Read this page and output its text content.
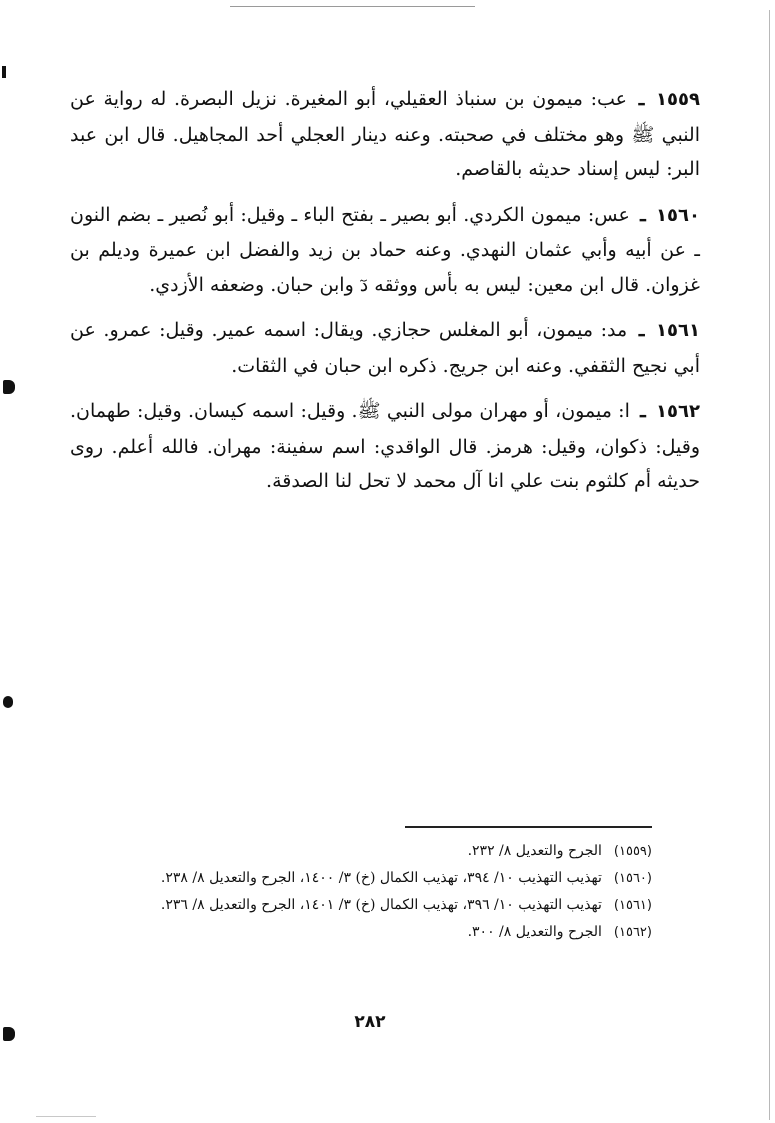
١٥٥٩ ـ عب: ميمون بن سنباذ العقيلي، أبو المغيرة. نزيل البصرة. له رواية عن النبي ﷺ وهو مختلف في صحبته. وعنه دينار العجلي أحد المجاهيل. قال ابن عبد البر: ليس إسناد حديثه بالقاصم.

١٥٦٠ ـ عس: ميمون الكردي. أبو بصير ـ بفتح الباء ـ وقيل: أبو نُصير ـ بضم النون ـ عن أبيه وأبي عثمان النهدي. وعنه حماد بن زيد والفضل ابن عميرة وديلم بن غزوان. قال ابن معين: ليس به بأس ووثقه دٓ وابن حبان. وضعفه الأزدي.

١٥٦١ ـ مد: ميمون، أبو المغلس حجازي. ويقال: اسمه عمير. وقيل: عمرو. عن أبي نجيح الثقفي. وعنه ابن جريج. ذكره ابن حبان في الثقات.

١٥٦٢ ـ ا: ميمون، أو مهران مولى النبي ﷺ. وقيل: اسمه كيسان. وقيل: طهمان. وقيل: ذكوان، وقيل: هرمز. قال الواقدي: اسم سفينة: مهران. فالله أعلم. روى حديثه أم كلثوم بنت علي انا آل محمد لا تحل لنا الصدقة.

(١٥٥٩)الجرح والتعديل ٨/ ٢٣٢.

(١٥٦٠)تهذيب التهذيب ١٠/ ٣٩٤، تهذيب الكمال (خ) ٣/ ١٤٠٠، الجرح والتعديل ٨/ ٢٣٨.

(١٥٦١)تهذيب التهذيب ١٠/ ٣٩٦، تهذيب الكمال (خ) ٣/ ١٤٠١، الجرح والتعديل ٨/ ٢٣٦.

(١٥٦٢)الجرح والتعديل ٨/ ٣٠٠.

٢٨٢
